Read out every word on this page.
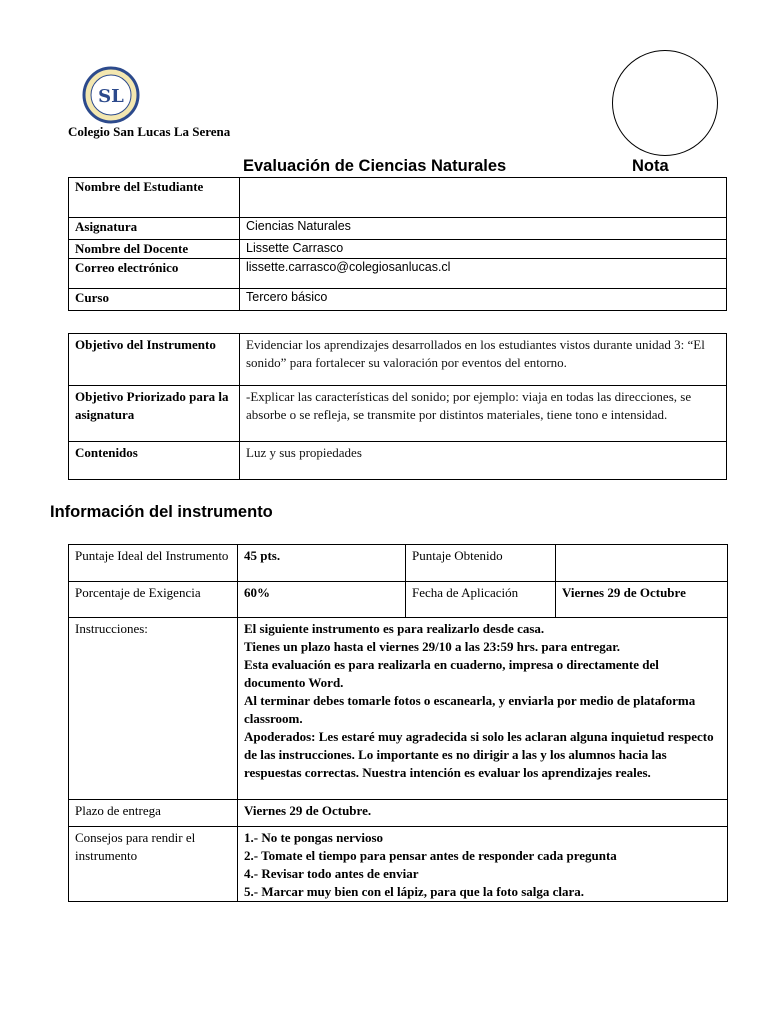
SL
Colegio San Lucas La Serena
Evaluación de Ciencias Naturales	Nota
Nombre del Estudiante	
Asignatura	Ciencias Naturales
Nombre del Docente	Lissette Carrasco
Correo electrónico	lissette.carrasco@colegiosanlucas.cl
Curso	Tercero básico
Objetivo del Instrumento	Evidenciar los aprendizajes desarrollados en los estudiantes vistos durante unidad 3: “El sonido” para fortalecer su valoración por eventos del entorno.
Objetivo Priorizado para la asignatura	-Explicar las características del sonido; por ejemplo: viaja en todas las direcciones, se absorbe o se refleja, se transmite por distintos materiales, tiene tono e intensidad.
Contenidos	Luz y sus propiedades
Información del instrumento
Puntaje Ideal del Instrumento	45 pts.	Puntaje Obtenido	
Porcentaje de Exigencia	60%	Fecha de Aplicación	Viernes 29 de Octubre
Instrucciones:	El siguiente instrumento es para realizarlo desde casa.
Tienes un plazo hasta el viernes 29/10 a las 23:59 hrs. para entregar.
Esta evaluación es para realizarla en cuaderno, impresa o directamente del documento Word.
Al terminar debes tomarle fotos o escanearla, y enviarla por medio de plataforma classroom.
Apoderados: Les estaré muy agradecida si solo les aclaran alguna inquietud respecto de las instrucciones. Lo importante es no dirigir a las y los alumnos hacia las respuestas correctas. Nuestra intención es evaluar los aprendizajes reales.		

Plazo de entrega	Viernes 29 de Octubre.		
Consejos para rendir el instrumento	1.- No te pongas nervioso
2.- Tomate el tiempo para pensar antes de responder cada pregunta
4.- Revisar todo antes de enviar
5.- Marcar muy bien con el lápiz, para que la foto salga clara.		
